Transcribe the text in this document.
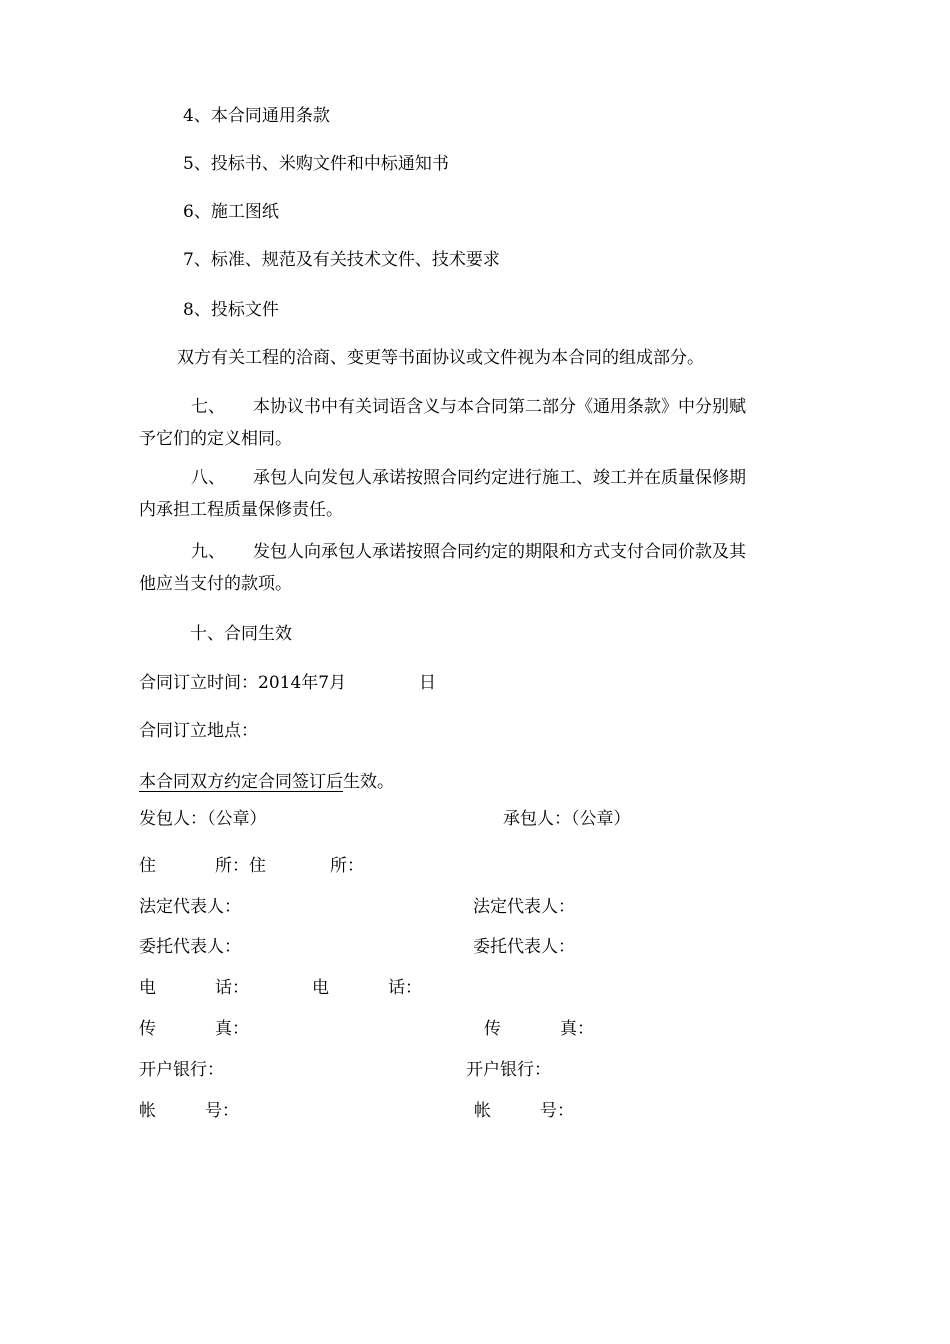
4、本合同通用条款
5、投标书、米购文件和中标通知书
6、施工图纸
7、标准、规范及有关技术文件、技术要求
8、投标文件
双方有关工程的洽商、变更等书面协议或文件视为本合同的组成部分。
七、 本协议书中有关词语含义与本合同第二部分《通用条款》中分别赋
予它们的定义相同。
八、 承包人向发包人承诺按照合同约定进行施工、竣工并在质量保修期
内承担工程质量保修责任。
九、 发包人向承包人承诺按照合同约定的期限和方式支付合同价款及其
他应当支付的款项。
十、合同生效
合同订立时间：2014年7月	日
合同订立地点：
本合同双方约定合同签订后生效。
发包人：（公章）	承包人：（公章）
住	所：住	所：
法定代表人：	法定代表人：
委托代表人：	委托代表人：
电	话：	电	话：
传	真：	传	真：
开户银行：	开户银行：
帐	号：	帐	号：
